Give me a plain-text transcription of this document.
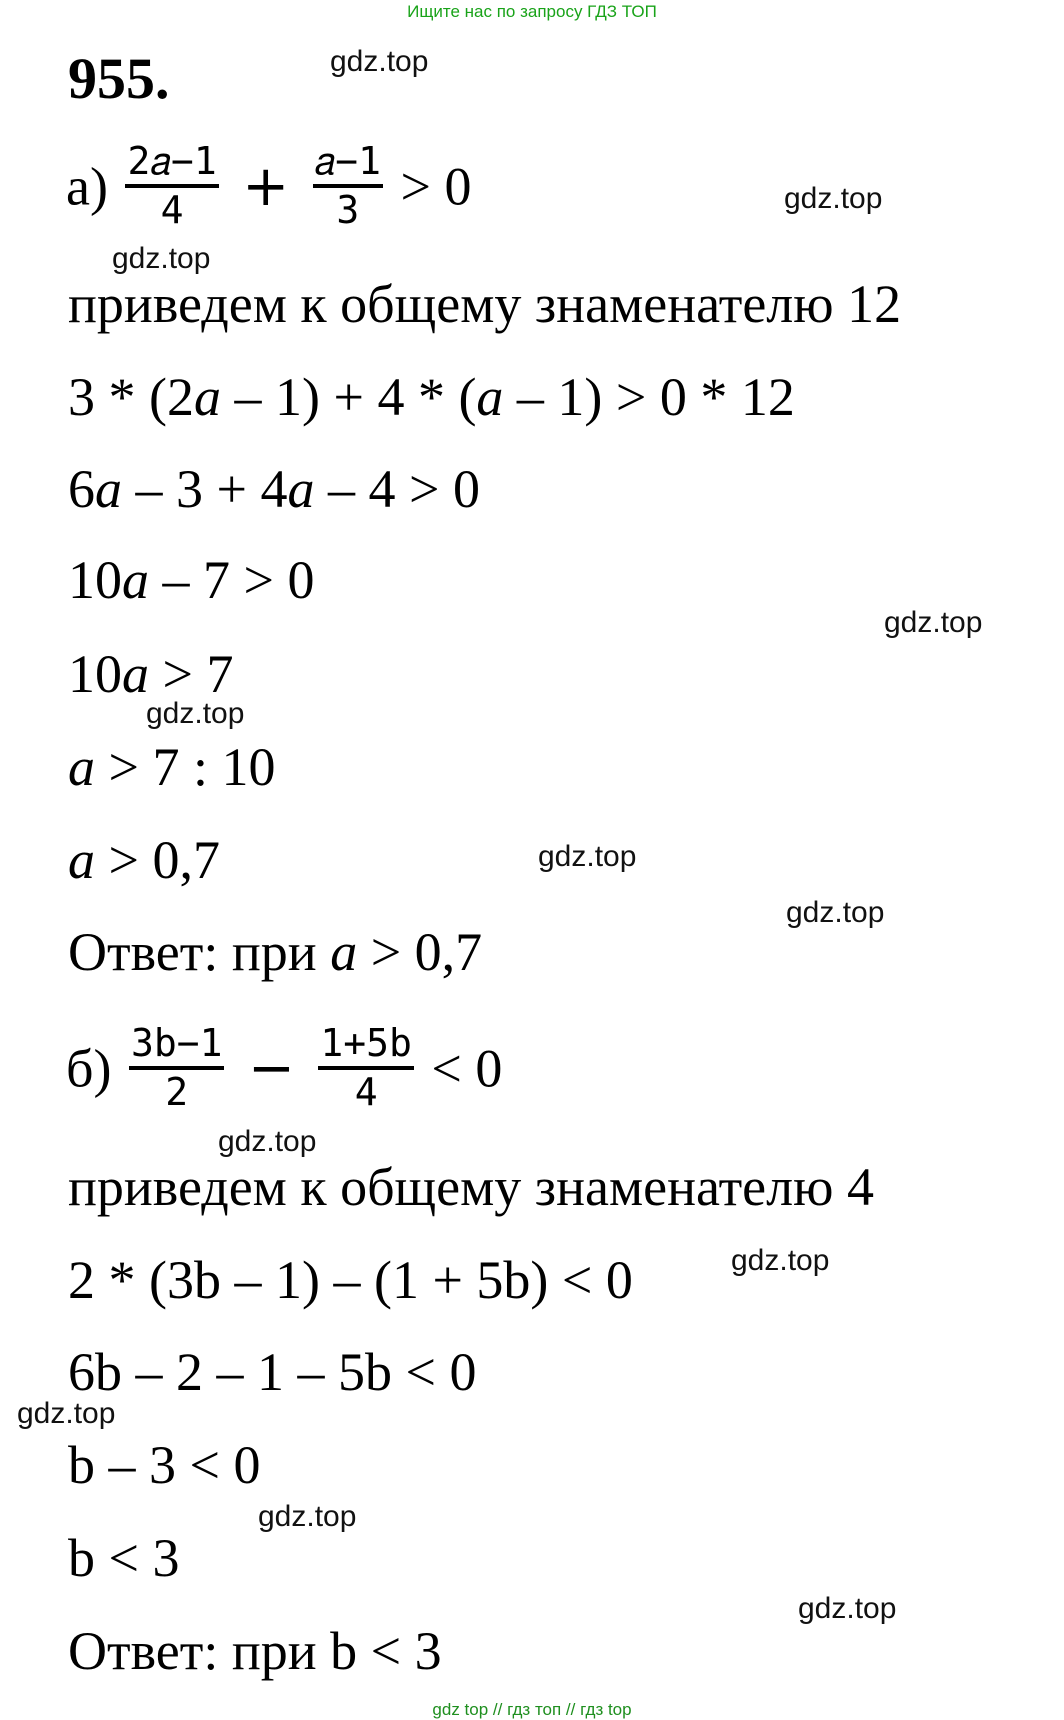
Ищите нас по запросу ГДЗ ТОП
955.
$а) \frac{\text{2𝑎−1}}{4} + \frac{\text{𝑎−1}}{3} > 0$
приведем к общему знаменателю 12
3 * (2a – 1) + 4 * (a – 1) > 0 * 12
6a – 3 + 4a – 4 > 0
10a – 7 > 0
10a > 7
a > 7 : 10
a > 0,7
Ответ: при a > 0,7
$б) \frac{3b-1}{2} - \frac{1+5b}{4} < 0$
приведем к общему знаменателю 4
2 * (3b – 1) – (1 + 5b) < 0
6b – 2 – 1 – 5b < 0
b – 3 < 0
b < 3
Ответ: при b < 3
gdz.top
gdz.top
gdz.top
gdz.top
gdz.top
gdz.top
gdz.top
gdz.top
gdz.top
gdz.top
gdz.top
gdz.top
gdz top // гдз топ // гдз top
